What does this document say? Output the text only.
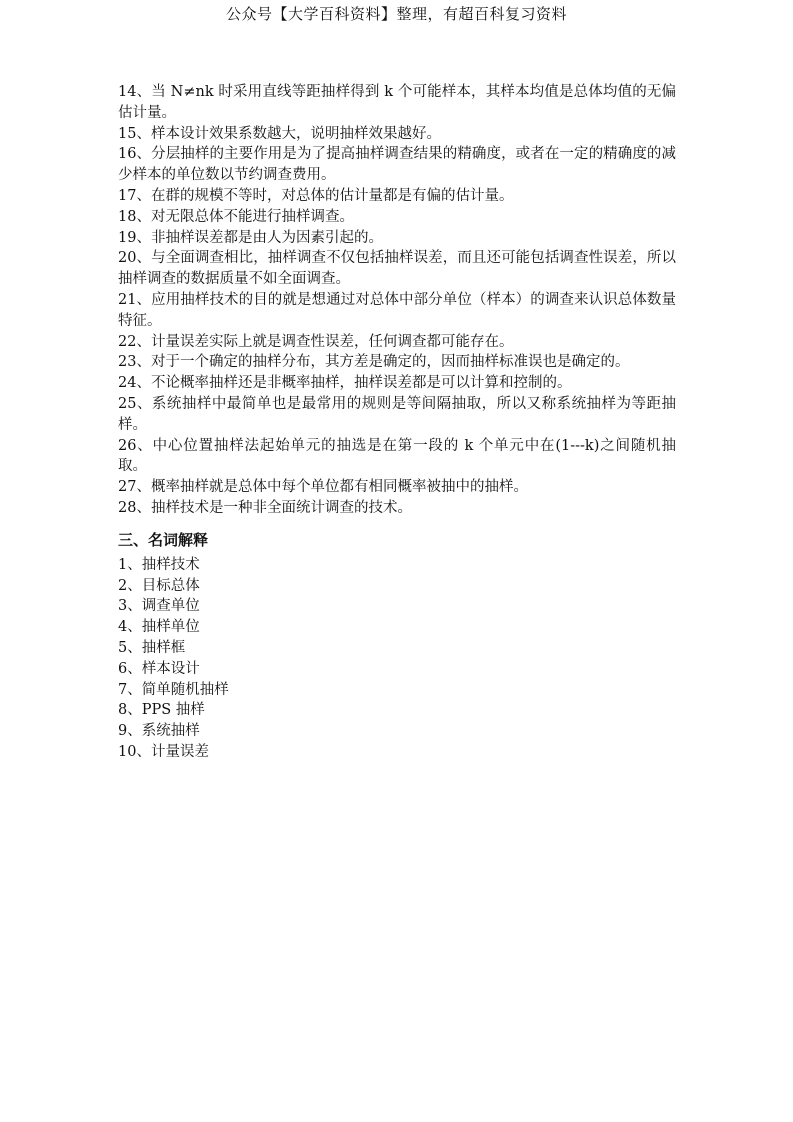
公众号【大学百科资料】整理，有超百科复习资料

14、当 N≠nk 时采用直线等距抽样得到 k 个可能样本，其样本均值是总体均值的无偏估计量。

15、样本设计效果系数越大，说明抽样效果越好。

16、分层抽样的主要作用是为了提高抽样调查结果的精确度，或者在一定的精确度的减少样本的单位数以节约调查费用。

17、在群的规模不等时，对总体的估计量都是有偏的估计量。

18、对无限总体不能进行抽样调查。

19、非抽样误差都是由人为因素引起的。

20、与全面调查相比，抽样调查不仅包括抽样误差，而且还可能包括调查性误差，所以抽样调查的数据质量不如全面调查。

21、应用抽样技术的目的就是想通过对总体中部分单位（样本）的调查来认识总体数量特征。

22、计量误差实际上就是调查性误差，任何调查都可能存在。

23、对于一个确定的抽样分布，其方差是确定的，因而抽样标准误也是确定的。

24、不论概率抽样还是非概率抽样，抽样误差都是可以计算和控制的。

25、系统抽样中最简单也是最常用的规则是等间隔抽取，所以又称系统抽样为等距抽样。

26、中心位置抽样法起始单元的抽选是在第一段的 k 个单元中在(1---k)之间随机抽取。

27、概率抽样就是总体中每个单位都有相同概率被抽中的抽样。

28、抽样技术是一种非全面统计调查的技术。

三、名词解释

1、抽样技术

2、目标总体

3、调查单位

4、抽样单位

5、抽样框

6、样本设计

7、简单随机抽样

8、PPS 抽样

9、系统抽样

10、计量误差
